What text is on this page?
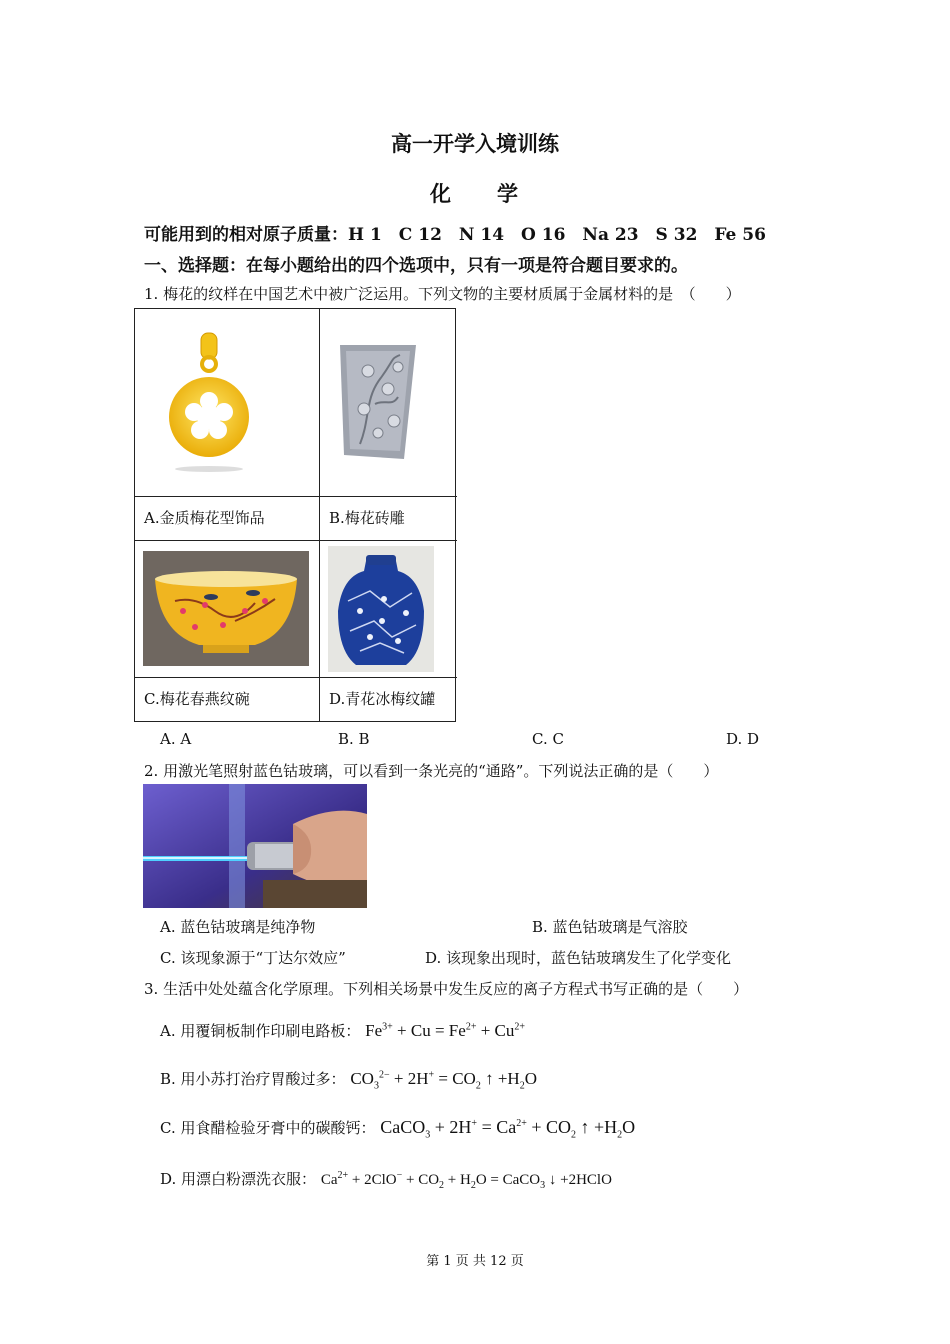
高一开学入境训练
化 学
可能用到的相对原子质量：H 1　C 12　N 14　O 16　Na 23　S 32　Fe 56
一、选择题：在每小题给出的四个选项中，只有一项是符合题目要求的。
1. 梅花的纹样在中国艺术中被广泛运用。下列文物的主要材质属于金属材料的是　（　　）
A.金质梅花型饰品	B.梅花砖雕
C.梅花春燕纹碗	D.青花冰梅纹罐
A. A	B. B	C. C	D. D
2. 用激光笔照射蓝色钴玻璃，可以看到一条光亮的“通路”。下列说法正确的是（　　）
A. 蓝色钴玻璃是纯净物	B. 蓝色钴玻璃是气溶胶
C. 该现象源于“丁达尔效应”	D. 该现象出现时，蓝色钴玻璃发生了化学变化
3. 生活中处处蕴含化学原理。下列相关场景中发生反应的离子方程式书写正确的是（　　）
A. 用覆铜板制作印刷电路板： $Fe^{3+} + Cu = Fe^{2+} + Cu^{2+}$
B. 用小苏打治疗胃酸过多： $CO_3^{2-} + 2H^+ = CO_2$ ↑ $+H_2O$
C. 用食醋检验牙膏中的碳酸钙： CaCO$_3$ + $2H^+ = Ca^{2+} + CO_2$ ↑ $+H_2O$
D. 用漂白粉漂洗衣服： $Ca^{2+} + 2ClO^- + CO_2 + H_2O$ = CaCO$_3$ ↓ +2HClO
第 1 页 共 12 页
